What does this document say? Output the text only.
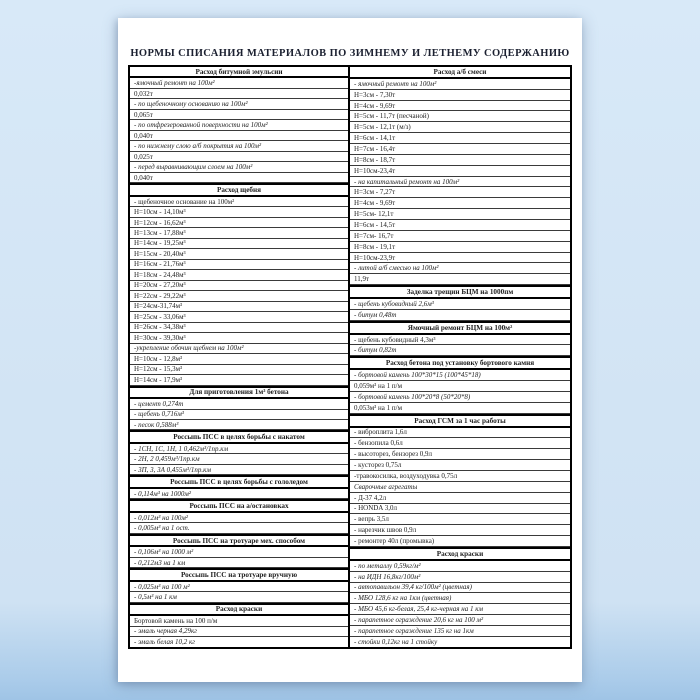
НОРМЫ СПИСАНИЯ МАТЕРИАЛОВ ПО ЗИМНЕМУ И ЛЕТНЕМУ СОДЕРЖАНИЮ
Расход битумной эмульсии
-ямочный ремонт на 100м²
0,032т
- по щебеночному основанию на 100м²
0,065т
- по отфрезерованной поверхности на 100м²
0,040т
- по нижнему слою а/б покрытия на 100м²
0,025т
- перед выравнивающим слоем на 100м²
0,040т
Расход щебня
- щебеночное основание на 100м²
Н=10см - 14,10м³
Н=12см - 16,62м³
Н=13см - 17,88м³
Н=14см - 19,25м³
Н=15см - 20,40м³
Н=16см - 21,76м³
Н=18см - 24,48м³
Н=20см - 27,20м³
Н=22см - 29,22м³
Н=24см-31,74м³
Н=25см - 33,06м³
Н=26см - 34,38м³
Н=30см - 39,30м³
-укрепление обочин щебнем на 100м²
Н=10см - 12,8м³
Н=12см - 15,3м³
Н=14см - 17,9м³
Для приготовления 1м³ бетона
- цемент 0,274т
- щебень 0,716м³
- песок 0,588м³
Россыпь ПСС в целях борьбы с накатом
- 1СН, 1С, 1Н, 1 0,462м³/1пр.км
- 2Н, 2 0,459м³/1пр.км
- 3П, 3, 3А 0,455м³/1пр.км
Россыпь ПСС в целях борьбы с гололедом
- 0,114м³ на 1000м²
Россыпь ПСС на а/остановках
- 0,012м³ на 100м²
- 0,005м³ на 1 ост.
Россыпь ПСС на тротуаре мех. способом
- 0,106м³ на 1000 м²
- 0,212м3 на 1 км
Россыпь ПСС на тротуаре вручную
- 0,025м³ на 100 м²
- 0,5м³ на 1 км
Расход краски
Бортовой камень на 100 п/м
- эмаль черная 4,29кг
- эмаль белая 10,2 кг
Расход а/б смеси
- ямочный ремонт на 100м²
Н=3см - 7,30т
Н=4см - 9,69т
Н=5см - 11,7т (песчаной)
Н=5см - 12,1т (м/з)
Н=6см - 14,1т
Н=7см - 16,4т
Н=8см - 18,7т
Н=10см-23,4т
- на капитальный ремонт на 100м²
Н=3см - 7,27т
Н=4см - 9,69т
Н=5см- 12,1т
Н=6см - 14,5т
Н=7см- 16,7т
Н=8см - 19,1т
Н=10см-23,9т
- литой а/б смесью на 100м²
11,9т
Заделка трещин БЦМ на 1000пм
- щебень кубовидный 2,6м³
- битум 0,48т
Ямочный ремонт БЦМ на 100м²
- щебень кубовидный 4,3м³
- битум 0,82т
Расход бетона под установку бортового камня
- бортовой камень 100*30*15 (100*45*18)
0,059м³ на 1 п/м
- бортовой камень 100*20*8 (50*20*8)
0,053м³ на 1 п/м
Расход ГСМ за 1 час работы
- виброплита 1,6л
- бензопила 0,6л
- высоторез, бензорез 0,9л
- кусторез 0,75л
-травокосилка, воздуходувка 0,75л
Сварочные агрегаты
- Д-37 4,2л
- HONDA 3,0л
- вепрь 3,5л
- нарезчик швов 0,9л
- ремонтер 40л (промывка)
Расход краски
- по металлу 0,59кг/м²
- на ИДН 16,8кг/100м²
- автопавильон 39,4 кг/100м² (цветная)
- МБО 128,6 кг на 1км (цветная)
- МБО 45,6 кг-белая, 25,4 кг-черная на 1 км
- парапетное ограждение 20,6 кг на 100 м²
- парапетное ограждение 135 кг на 1км
- стойки 0,12кг на 1 стойку
